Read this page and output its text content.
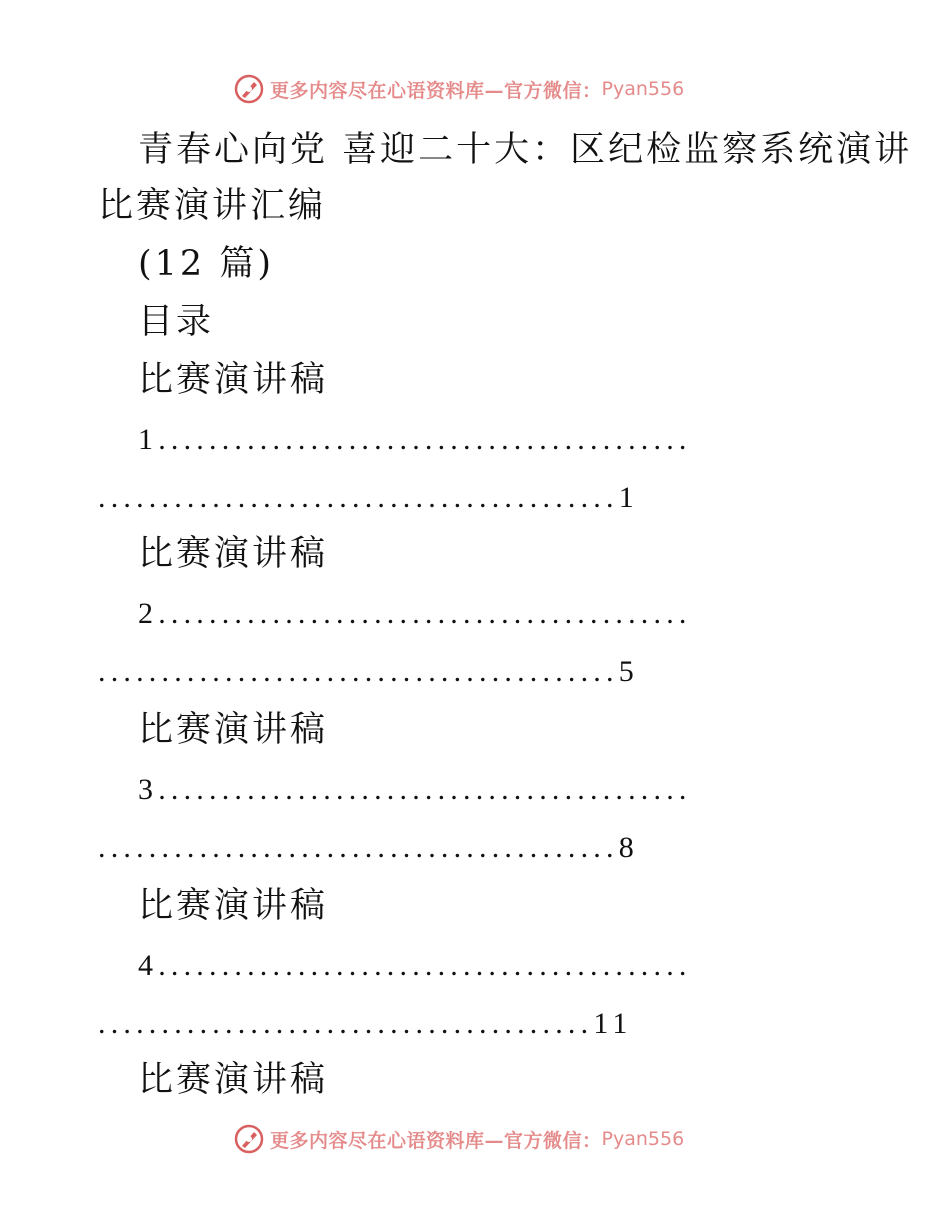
更多内容尽在心语资料库—官方微信： Pyan556
青春心向党 喜迎二十大：区纪检监察系统演讲
比赛演讲汇编
(12 篇)
目录
比赛演讲稿
1..........................................
.........................................1
比赛演讲稿
2..........................................
.........................................5
比赛演讲稿
3..........................................
.........................................8
比赛演讲稿
4..........................................
.......................................11
比赛演讲稿
更多内容尽在心语资料库—官方微信： Pyan556
